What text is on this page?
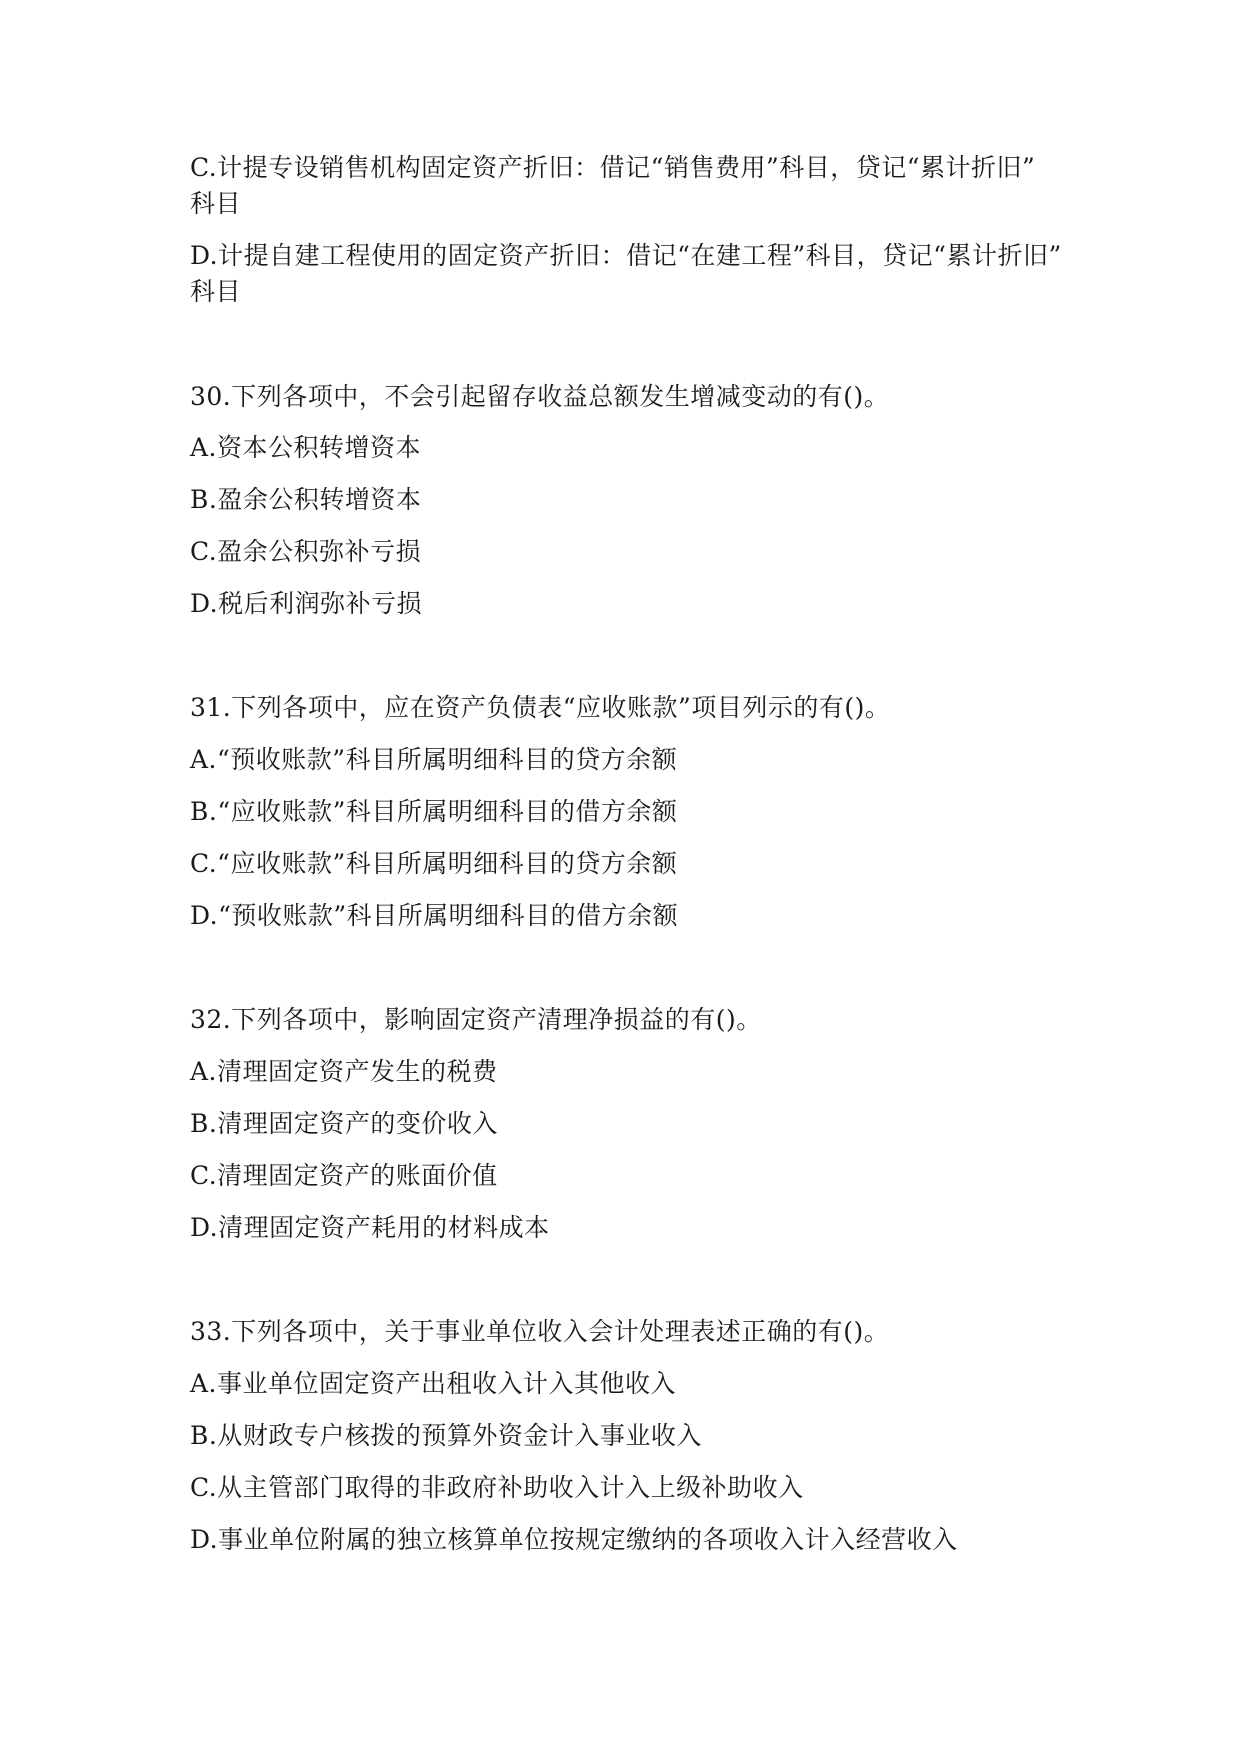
C.计提专设销售机构固定资产折旧：借记“销售费用”科目，贷记“累计折旧”
科目
D.计提自建工程使用的固定资产折旧：借记“在建工程”科目，贷记“累计折旧”
科目
30.下列各项中，不会引起留存收益总额发生增减变动的有()。
A.资本公积转增资本
B.盈余公积转增资本
C.盈余公积弥补亏损
D.税后利润弥补亏损
31.下列各项中，应在资产负债表“应收账款”项目列示的有()。
A.“预收账款”科目所属明细科目的贷方余额
B.“应收账款”科目所属明细科目的借方余额
C.“应收账款”科目所属明细科目的贷方余额
D.“预收账款”科目所属明细科目的借方余额
32.下列各项中，影响固定资产清理净损益的有()。
A.清理固定资产发生的税费
B.清理固定资产的变价收入
C.清理固定资产的账面价值
D.清理固定资产耗用的材料成本
33.下列各项中，关于事业单位收入会计处理表述正确的有()。
A.事业单位固定资产出租收入计入其他收入
B.从财政专户核拨的预算外资金计入事业收入
C.从主管部门取得的非政府补助收入计入上级补助收入
D.事业单位附属的独立核算单位按规定缴纳的各项收入计入经营收入
